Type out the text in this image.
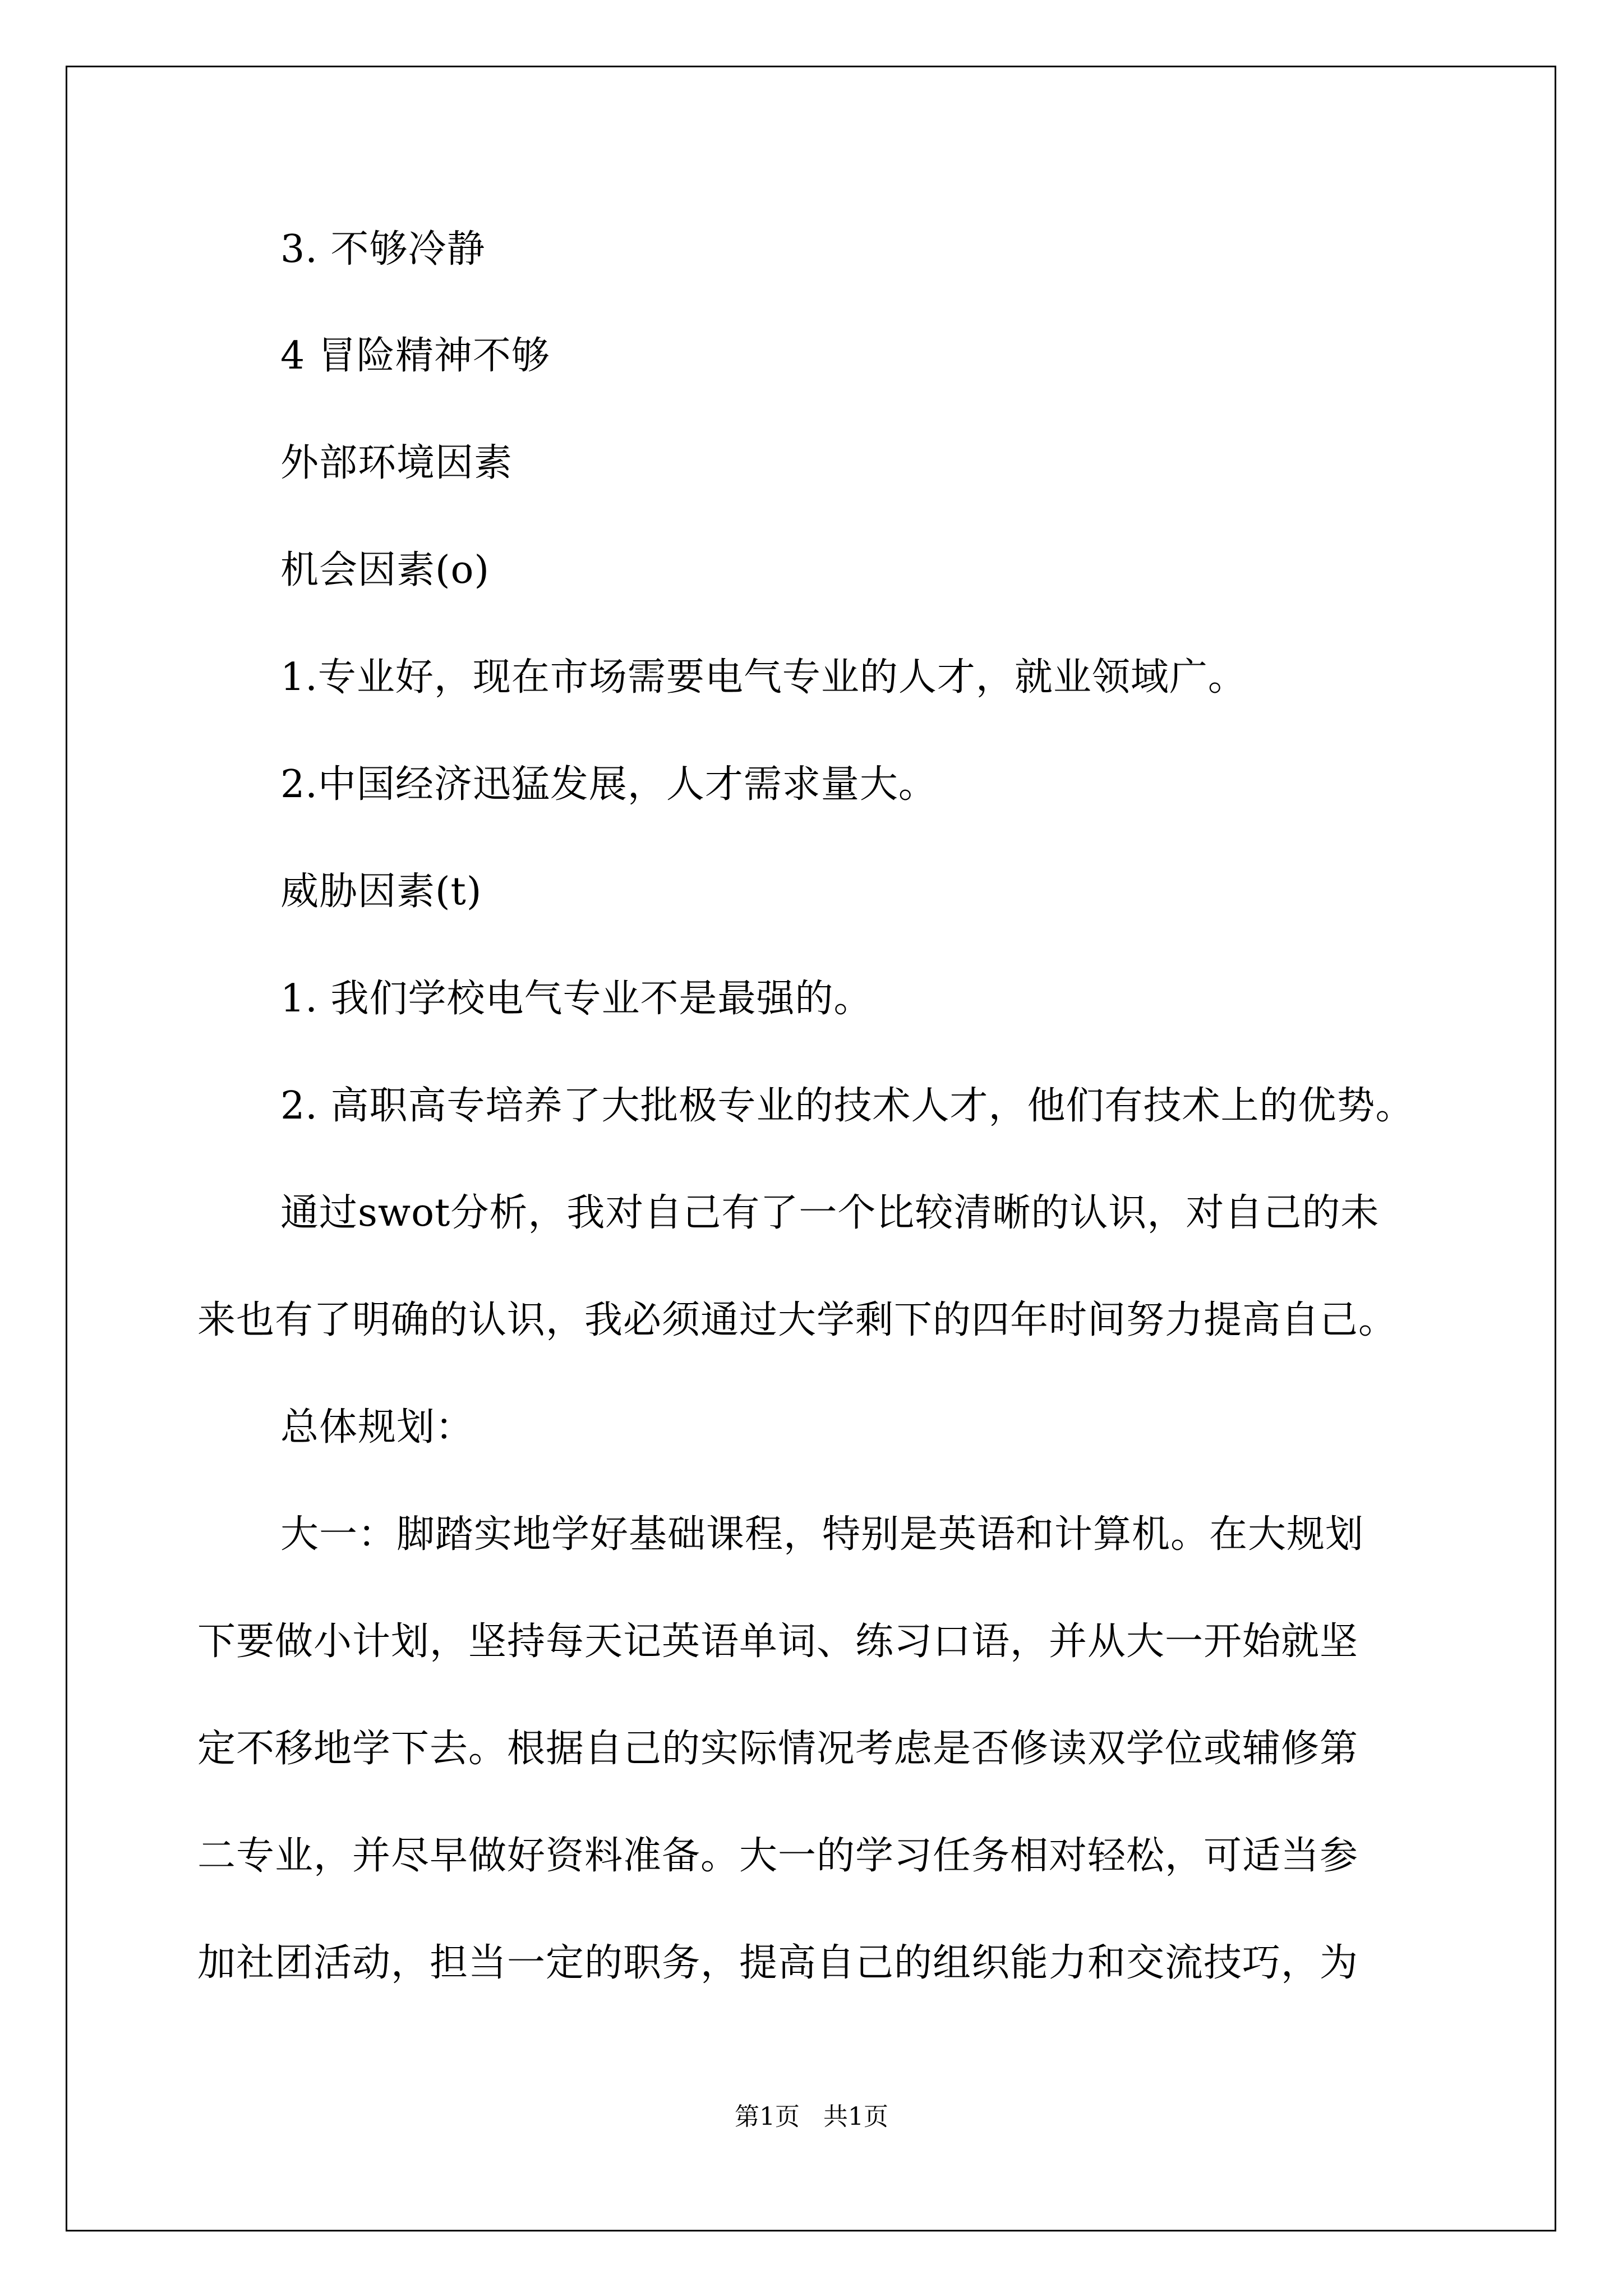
3. 不够冷静
4 冒险精神不够
外部环境因素
机会因素(o)
1.专业好，现在市场需要电气专业的人才，就业领域广。
2.中国经济迅猛发展，人才需求量大。
威胁因素(t)
1. 我们学校电气专业不是最强的。
2. 高职高专培养了大批极专业的技术人才，他们有技术上的优势。
通过swot分析，我对自己有了一个比较清晰的认识，对自己的未
来也有了明确的认识，我必须通过大学剩下的四年时间努力提高自己。
总体规划：
大一：脚踏实地学好基础课程，特别是英语和计算机。在大规划
下要做小计划，坚持每天记英语单词、练习口语，并从大一开始就坚
定不移地学下去。根据自己的实际情况考虑是否修读双学位或辅修第
二专业，并尽早做好资料准备。大一的学习任务相对轻松，可适当参
加社团活动，担当一定的职务，提高自己的组织能力和交流技巧，为
第1页   共1页
